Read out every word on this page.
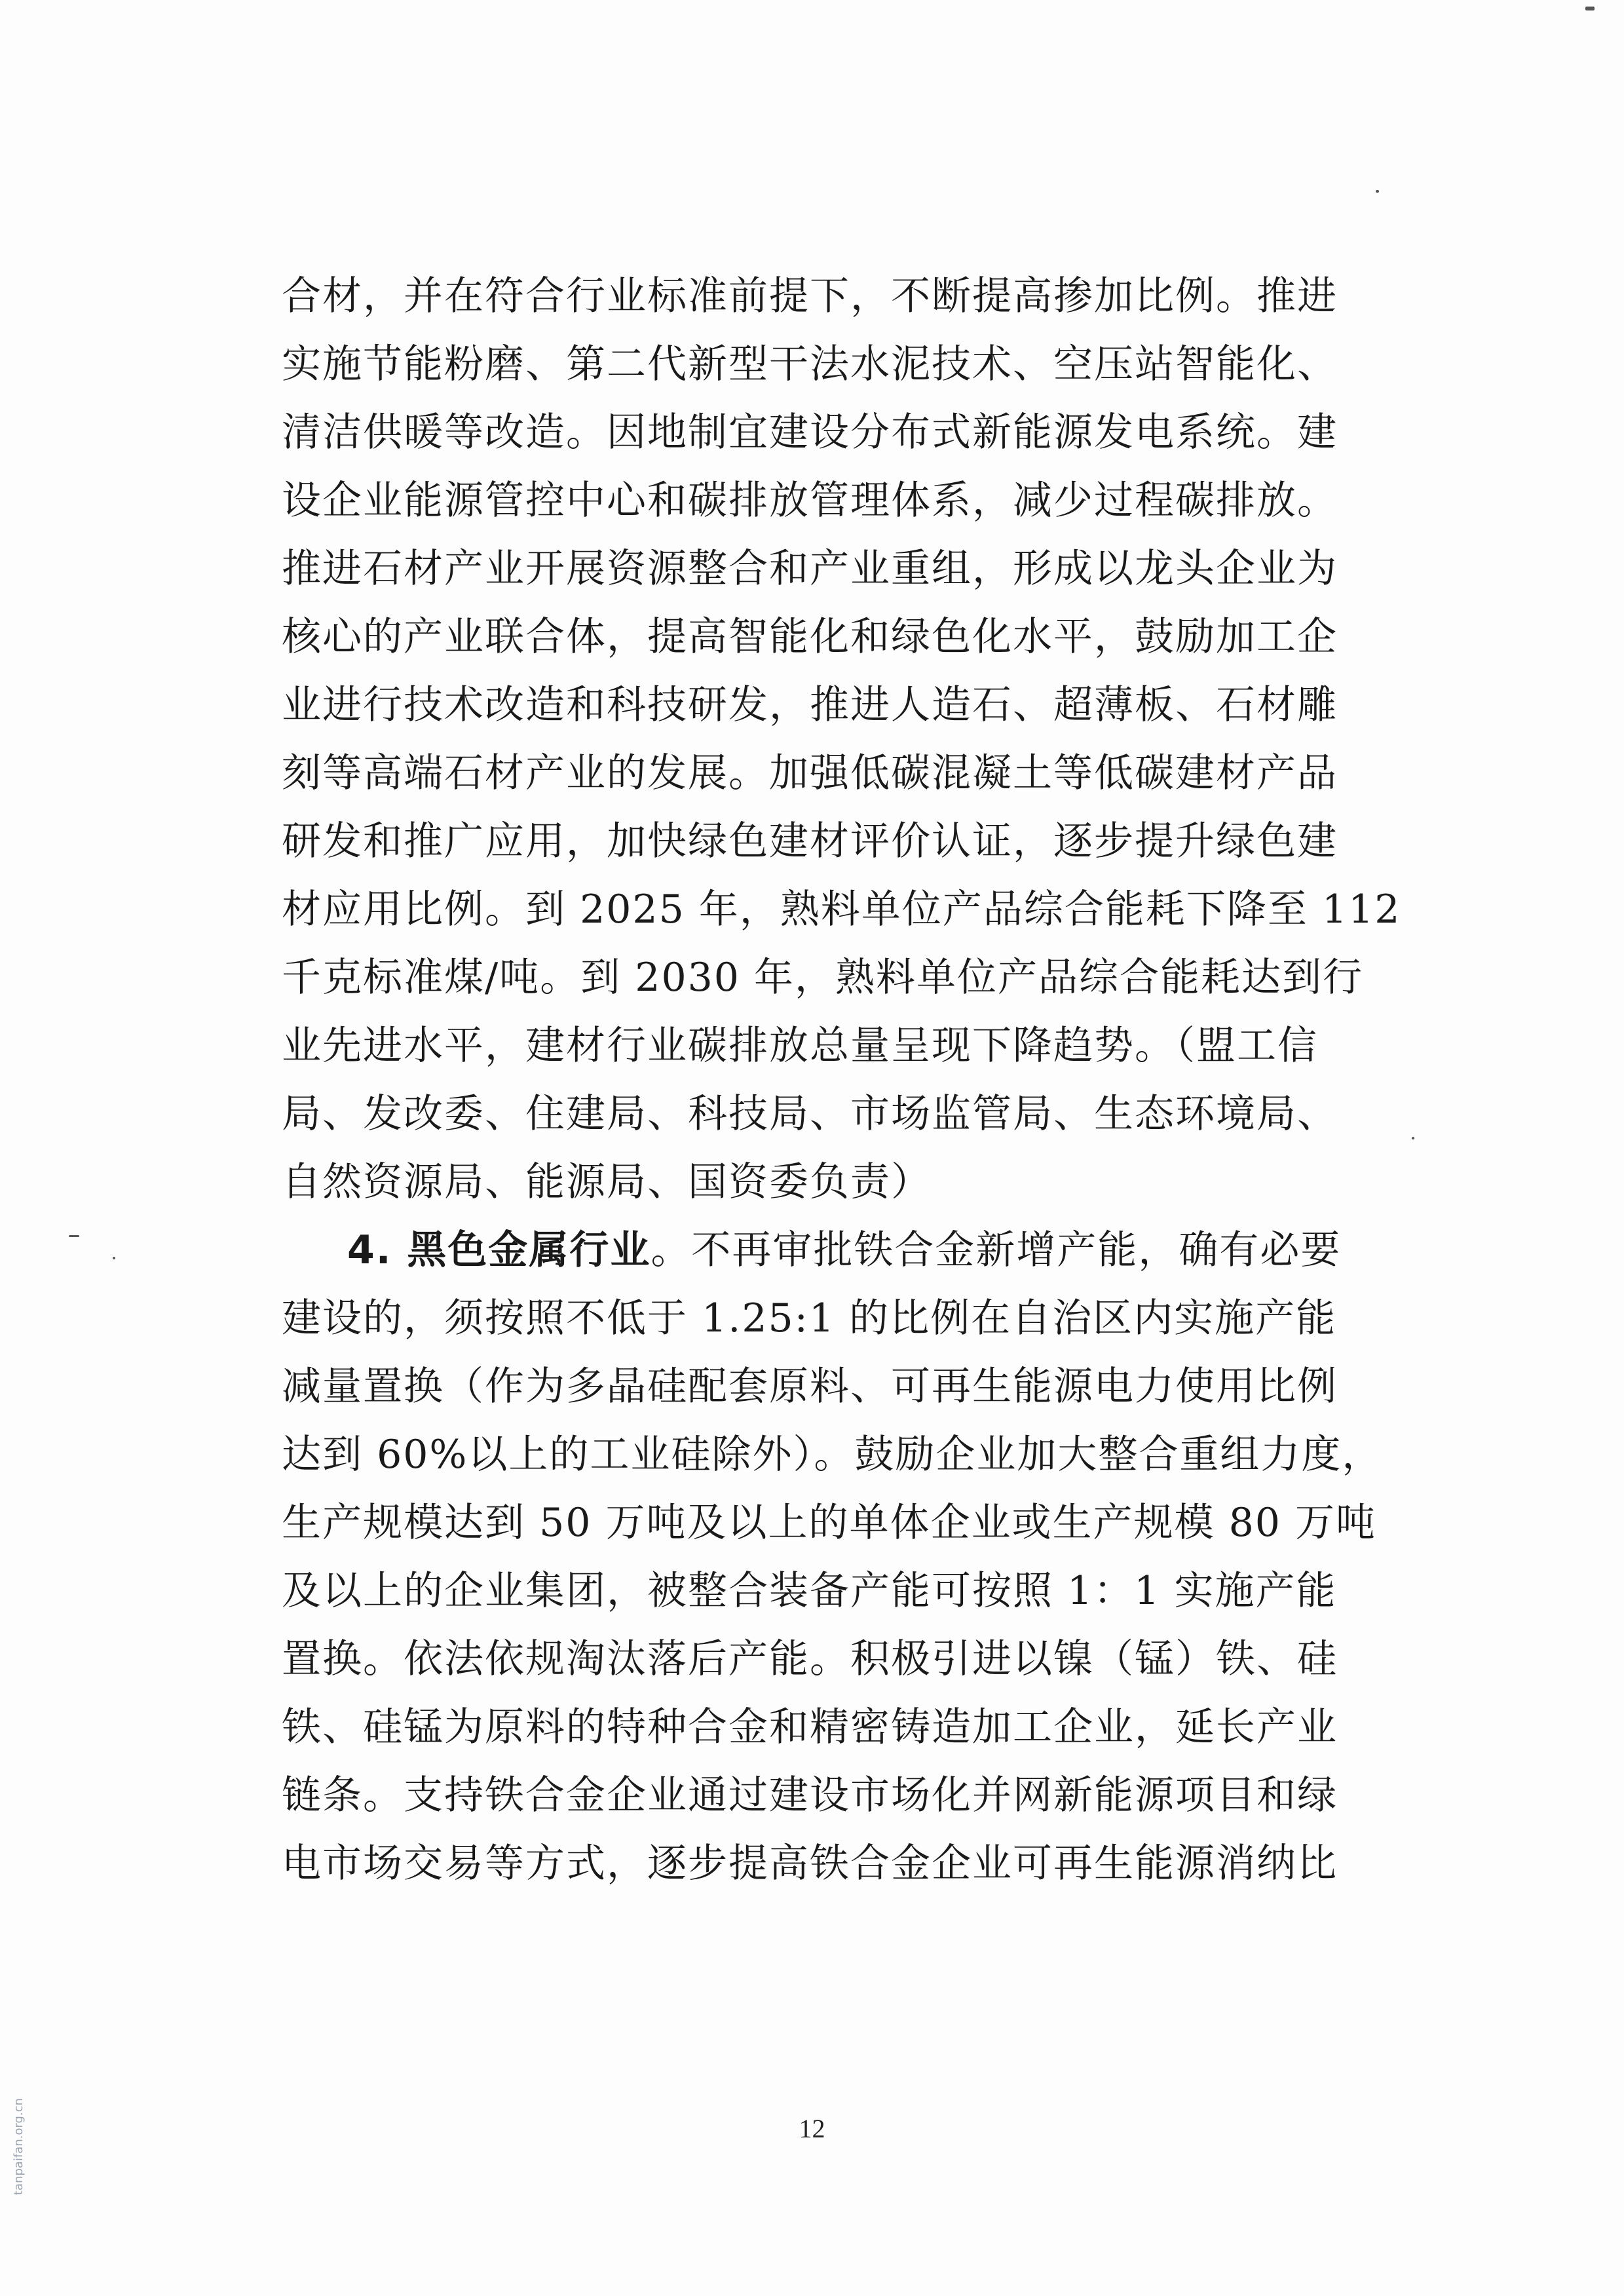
合材，并在符合行业标准前提下，不断提高掺加比例。推进
实施节能粉磨、第二代新型干法水泥技术、空压站智能化、
清洁供暖等改造。因地制宜建设分布式新能源发电系统。建
设企业能源管控中心和碳排放管理体系，减少过程碳排放。
推进石材产业开展资源整合和产业重组，形成以龙头企业为
核心的产业联合体，提高智能化和绿色化水平，鼓励加工企
业进行技术改造和科技研发，推进人造石、超薄板、石材雕
刻等高端石材产业的发展。加强低碳混凝土等低碳建材产品
研发和推广应用，加快绿色建材评价认证，逐步提升绿色建
材应用比例。到 2025 年，熟料单位产品综合能耗下降至 112
千克标准煤/吨。到 2030 年，熟料单位产品综合能耗达到行
业先进水平，建材行业碳排放总量呈现下降趋势。（盟工信
局、发改委、住建局、科技局、市场监管局、生态环境局、
自然资源局、能源局、国资委负责）
4. 黑色金属行业 。不再审批铁合金新增产能，确有必要
建设的，须按照不低于 1.25:1 的比例在自治区内实施产能
减量置换（作为多晶硅配套原料、可再生能源电力使用比例
达到 60%以上的工业硅除外）。鼓励企业加大整合重组力度，
生产规模达到 50 万吨及以上的单体企业或生产规模 80 万吨
及以上的企业集团，被整合装备产能可按照 1：1 实施产能
置换。依法依规淘汰落后产能。积极引进以镍（锰）铁、硅
铁、硅锰为原料的特种合金和精密铸造加工企业，延长产业
链条。支持铁合金企业通过建设市场化并网新能源项目和绿
电市场交易等方式，逐步提高铁合金企业可再生能源消纳比
12
tanpaifan.org.cn
